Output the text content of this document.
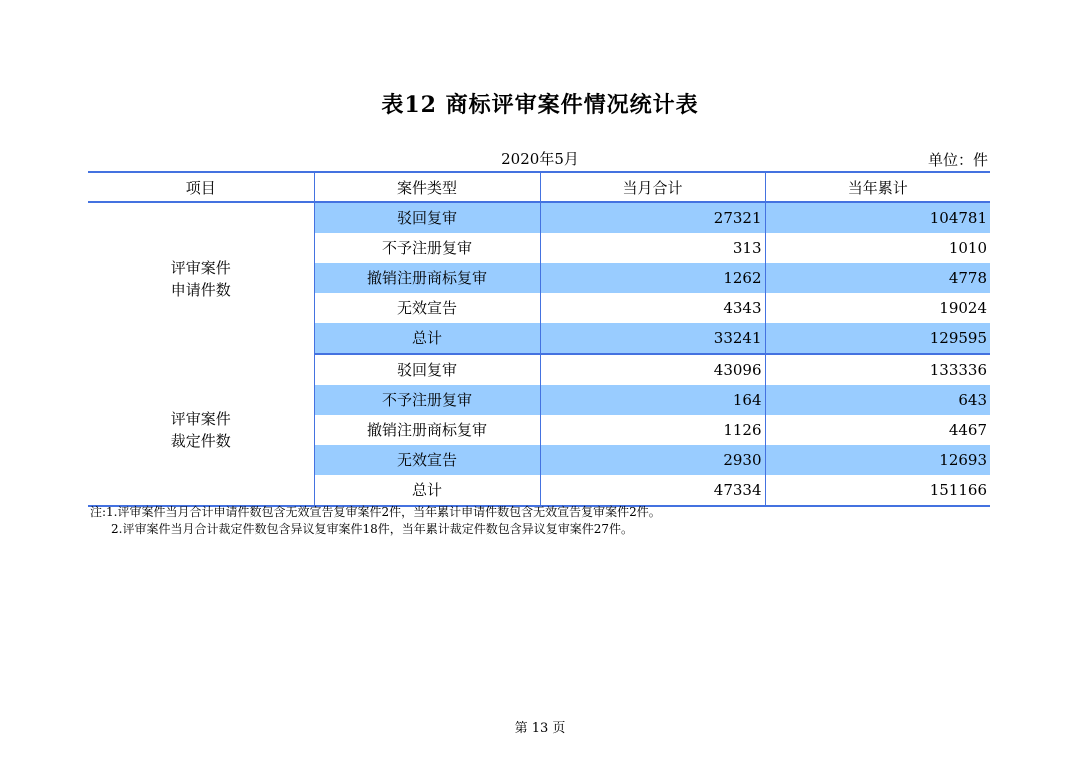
表12 商标评审案件情况统计表
2020年5月	单位：件
项目	案件类型	当月合计	当年累计
评审案件
申请件数	驳回复审	27321	104781
	不予注册复审	313	1010
	撤销注册商标复审	1262	4778
	无效宣告	4343	19024
	总计	33241	129595
评审案件
裁定件数	驳回复审	43096	133336
	不予注册复审	164	643
	撤销注册商标复审	1126	4467
	无效宣告	2930	12693
	总计	47334	151166
注:1.评审案件当月合计申请件数包含无效宣告复审案件2件，当年累计申请件数包含无效宣告复审案件2件。
2.评审案件当月合计裁定件数包含异议复审案件18件，当年累计裁定件数包含异议复审案件27件。
第 13 页
